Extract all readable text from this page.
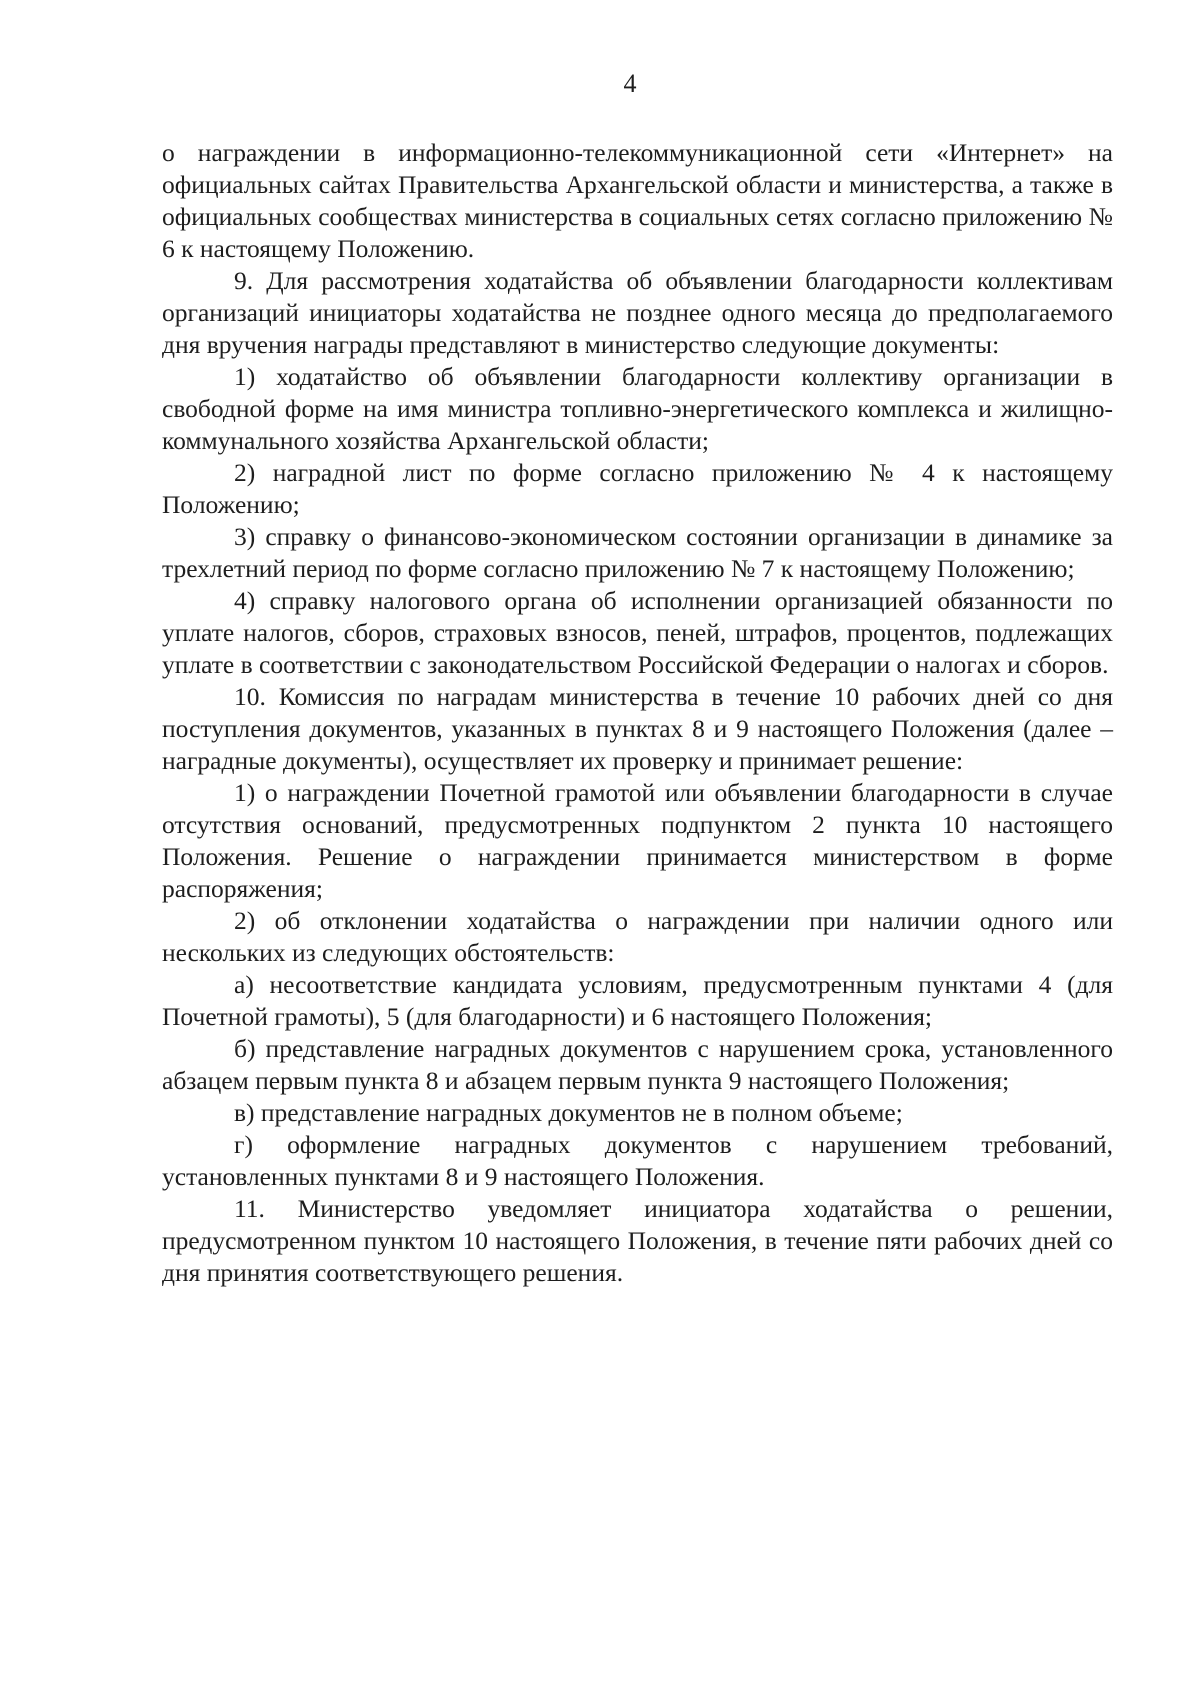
4

о награждении в информационно-телекоммуникационной сети «Интернет» на официальных сайтах Правительства Архангельской области и министерства, а также в официальных сообществах министерства в социальных сетях согласно приложению № 6 к настоящему Положению.

9. Для рассмотрения ходатайства об объявлении благодарности коллективам организаций инициаторы ходатайства не позднее одного месяца до предполагаемого дня вручения награды представляют в министерство следующие документы:

1) ходатайство об объявлении благодарности коллективу организации в свободной форме на имя министра топливно-энергетического комплекса и жилищно-коммунального хозяйства Архангельской области;

2) наградной лист по форме согласно приложению № 4 к настоящему Положению;

3) справку о финансово-экономическом состоянии организации в динамике за трехлетний период по форме согласно приложению № 7 к настоящему Положению;

4) справку налогового органа об исполнении организацией обязанности по уплате налогов, сборов, страховых взносов, пеней, штрафов, процентов, подлежащих уплате в соответствии с законодательством Российской Федерации о налогах и сборов.

10. Комиссия по наградам министерства в течение 10 рабочих дней со дня поступления документов, указанных в пунктах 8 и 9 настоящего Положения (далее – наградные документы), осуществляет их проверку и принимает решение:

1) о награждении Почетной грамотой или объявлении благодарности в случае отсутствия оснований, предусмотренных подпунктом 2 пункта 10 настоящего Положения. Решение о награждении принимается министерством в форме распоряжения;

2) об отклонении ходатайства о награждении при наличии одного или нескольких из следующих обстоятельств:

а) несоответствие кандидата условиям, предусмотренным пунктами 4 (для Почетной грамоты), 5 (для благодарности) и 6 настоящего Положения;

б) представление наградных документов с нарушением срока, установленного абзацем первым пункта 8 и абзацем первым пункта 9 настоящего Положения;

в) представление наградных документов не в полном объеме;

г) оформление наградных документов с нарушением требований, установленных пунктами 8 и 9 настоящего Положения.

11. Министерство уведомляет инициатора ходатайства о решении, предусмотренном пунктом 10 настоящего Положения, в течение пяти рабочих дней со дня принятия соответствующего решения.
